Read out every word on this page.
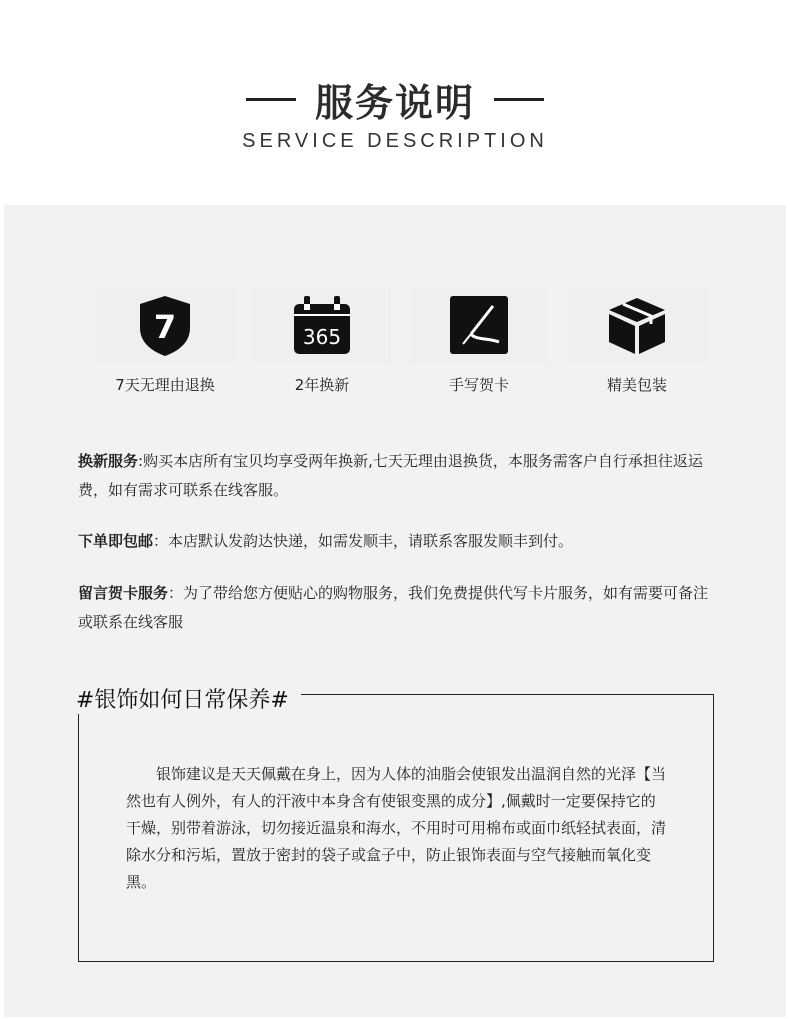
服务说明
SERVICE DESCRIPTION
7
7天无理由退换
365
2年换新	手写贺卡	精美包装
换新服务:购买本店所有宝贝均享受两年换新,七天无理由退换货，本服务需客户自行承担往返运费，如有需求可联系在线客服。
下单即包邮：本店默认发韵达快递，如需发顺丰，请联系客服发顺丰到付。
留言贺卡服务：为了带给您方便贴心的购物服务，我们免费提供代写卡片服务，如有需要可备注或联系在线客服
#银饰如何日常保养#
银饰建议是天天佩戴在身上，因为人体的油脂会使银发出温润自然的光泽【当然也有人例外，有人的汗液中本身含有使银变黑的成分】,佩戴时一定要保持它的干燥，别带着游泳，切勿接近温泉和海水，不用时可用棉布或面巾纸轻拭表面，清除水分和污垢，置放于密封的袋子或盒子中，防止银饰表面与空气接触而氧化变黑。
